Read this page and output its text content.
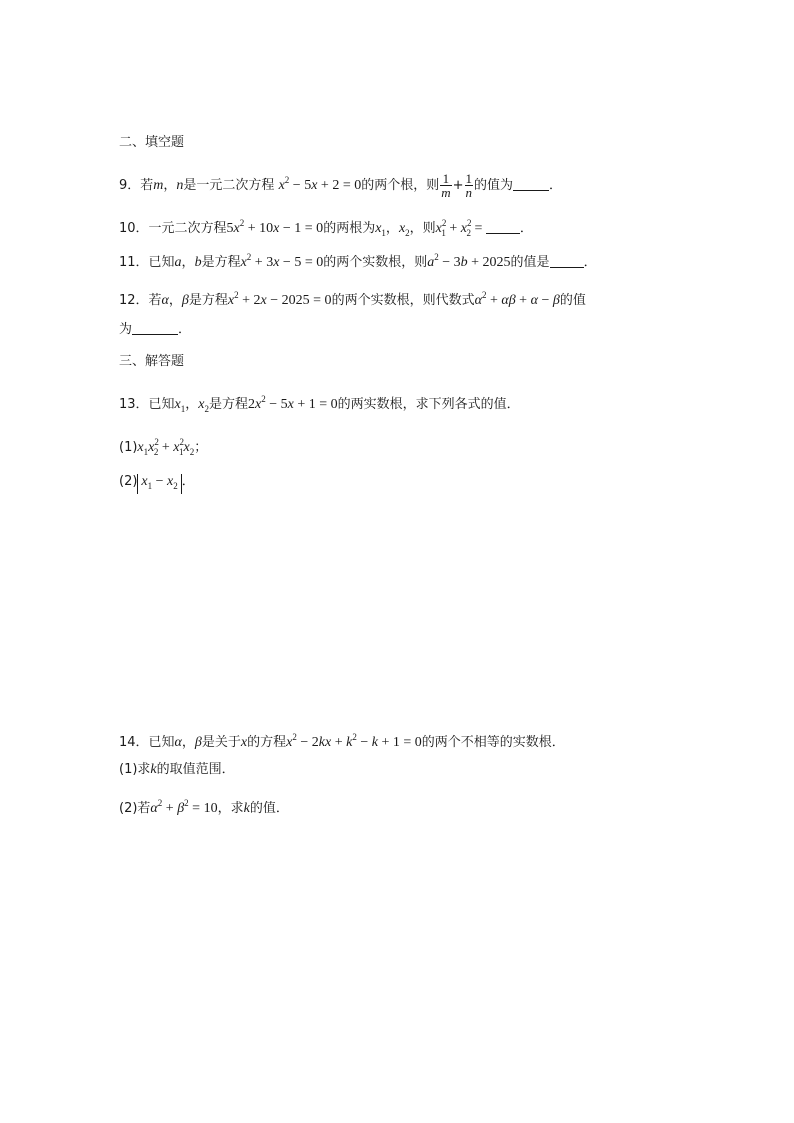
二、填空题
9．若m，n是一元二次方程 $x^2 - 5x + 2 = 0$的两个根，则 $\frac{1}{m} + \frac{1}{n}$ 的值为	．
10．一元二次方程$5x^2 + 10x - 1 = 0$的两根为$x_1$，$x_2$，则$x^2_1 + x^2_2$ =	．
11．已知a，b是方程$x^2 + 3x - 5 = 0$的两个实数根，则$a^2 - 3b + 2025$的值是	．
12．若α，β是方程$x^2 + 2x - 2025 = 0$的两个实数根，则代数式$\alpha^2 + \alpha\beta + \alpha - \beta$的值
为	．
三、解答题
13．已知$x_1$，$x_2$是方程$2x^2 - 5x + 1 = 0$的两实数根，求下列各式的值．
$(1)x_1x^2_2 + x^2_1x_2$；
(2) $x_1 - x_2$ ．
14．已知α，β是关于x的方程$x^2 - 2kx + k^2 - k + 1 = 0$的两个不相等的实数根．
(1)求k的取值范围．
(2)若$\alpha^2 + \beta^2 = 10$，求k的值．
